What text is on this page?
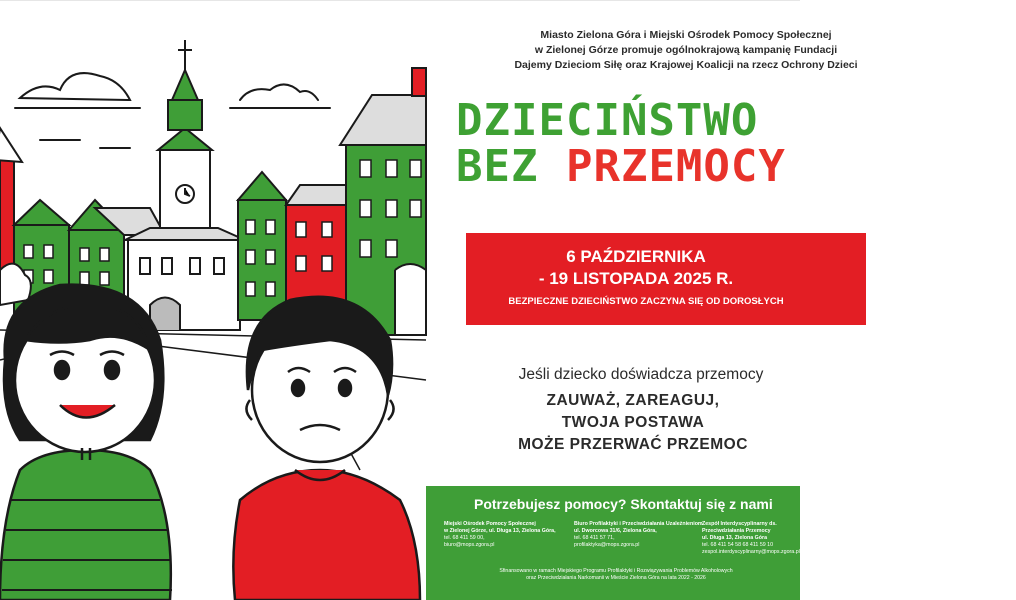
Miasto Zielona Góra i Miejski Ośrodek Pomocy Społecznej
w Zielonej Górze promuje ogólnokrajową kampanię Fundacji
Dajemy Dzieciom Siłę oraz Krajowej Koalicji na rzecz Ochrony Dzieci
DZIECIŃSTWO
BEZ PRZEMOCY
6 PAŹDZIERNIKA
- 19 LISTOPADA 2025 R.
BEZPIECZNE DZIECIŃSTWO ZACZYNA SIĘ OD DOROSŁYCH
Jeśli dziecko doświadcza przemocy
ZAUWAŻ, ZAREAGUJ,
TWOJA POSTAWA
MOŻE PRZERWAĆ PRZEMOC
Potrzebujesz pomocy? Skontaktuj się z nami
Miejski Ośrodek Pomocy Społecznej
w Zielonej Górze, ul. Długa 13, Zielona Góra,
tel. 68 411 59 00,
biuro@mops.zgora.pl
Biuro Profilaktyki i Przeciwdziałania Uzależnieniom
ul. Dworcowa 31/6, Zielona Góra,
tel. 68 411 57 71,
profilaktyka@mops.zgora.pl
Zespół Interdyscyplinarny ds.
Przeciwdziałania Przemocy
ul. Długa 13, Zielona Góra
tel. 68 411 54 58 68 411 59 10
zespol.interdyscyplinarny@mops.zgora.pl
Sfinansowano w ramach Miejskiego Programu Profilaktyki i Rozwiązywania Problemów Alkoholowych
oraz Przeciwdziałania Narkomanii w Mieście Zielona Góra na lata 2022 - 2026
